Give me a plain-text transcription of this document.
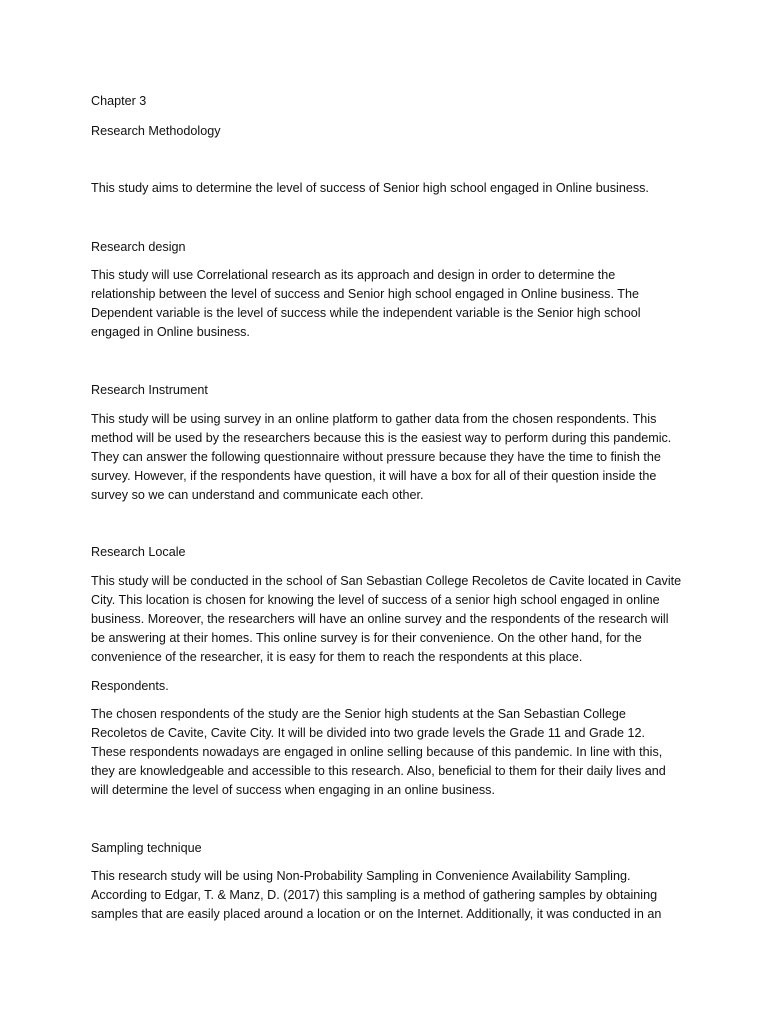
Chapter 3

Research Methodology

This study aims to determine the level of success of Senior high school engaged in Online business.

Research design

This study will use Correlational research as its approach and design in order to determine the
relationship between the level of success and Senior high school engaged in Online business. The
Dependent variable is the level of success while the independent variable is the Senior high school
engaged in Online business.

Research Instrument

This study will be using survey in an online platform to gather data from the chosen respondents. This
method will be used by the researchers because this is the easiest way to perform during this pandemic.
They can answer the following questionnaire without pressure because they have the time to finish the
survey. However, if the respondents have question, it will have a box for all of their question inside the
survey so we can understand and communicate each other.

Research Locale

This study will be conducted in the school of San Sebastian College Recoletos de Cavite located in Cavite
City. This location is chosen for knowing the level of success of a senior high school engaged in online
business. Moreover, the researchers will have an online survey and the respondents of the research will
be answering at their homes. This online survey is for their convenience. On the other hand, for the
convenience of the researcher, it is easy for them to reach the respondents at this place.

Respondents.

The chosen respondents of the study are the Senior high students at the San Sebastian College
Recoletos de Cavite, Cavite City. It will be divided into two grade levels the Grade 11 and Grade 12.
These respondents nowadays are engaged in online selling because of this pandemic. In line with this,
they are knowledgeable and accessible to this research. Also, beneficial to them for their daily lives and
will determine the level of success when engaging in an online business.

Sampling technique

This research study will be using Non-Probability Sampling in Convenience Availability Sampling.
According to Edgar, T. & Manz, D. (2017) this sampling is a method of gathering samples by obtaining
samples that are easily placed around a location or on the Internet. Additionally, it was conducted in an
